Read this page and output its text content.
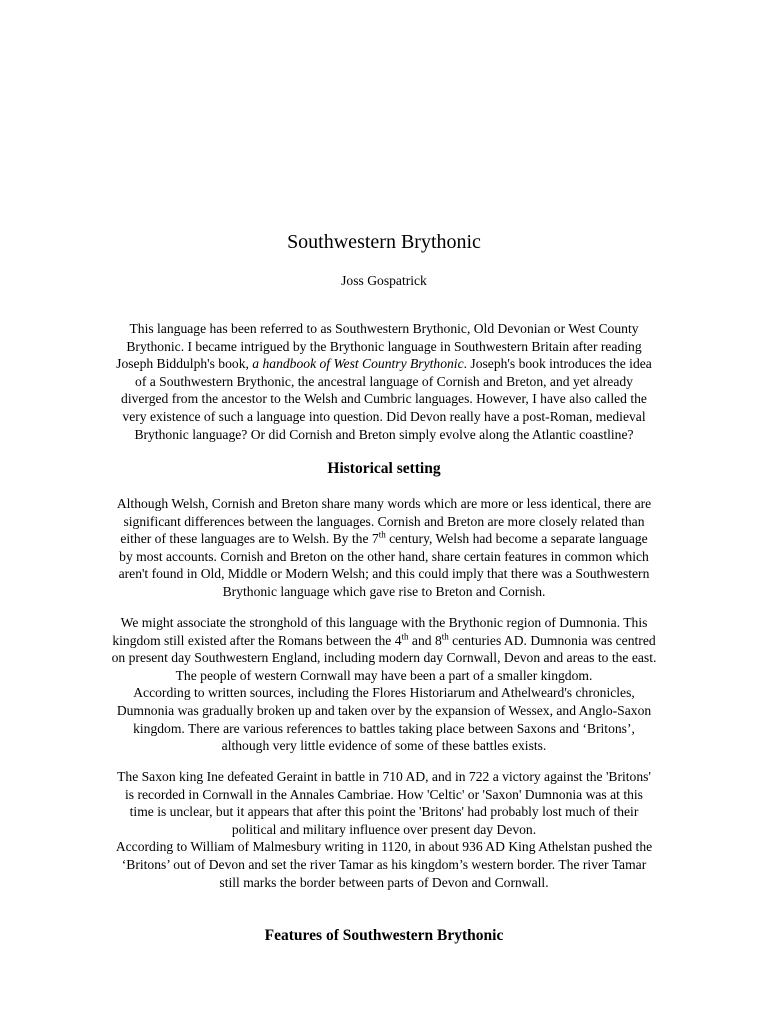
Southwestern Brythonic
Joss Gospatrick

This language has been referred to as Southwestern Brythonic, Old Devonian or West County
Brythonic. I became intrigued by the Brythonic language in Southwestern Britain after reading
Joseph Biddulph's book, a handbook of West Country Brythonic. Joseph's book introduces the idea
of a Southwestern Brythonic, the ancestral language of Cornish and Breton, and yet already
diverged from the ancestor to the Welsh and Cumbric languages. However, I have also called the
very existence of such a language into question. Did Devon really have a post-Roman, medieval
Brythonic language? Or did Cornish and Breton simply evolve along the Atlantic coastline?

Historical setting

Although Welsh, Cornish and Breton share many words which are more or less identical, there are
significant differences between the languages. Cornish and Breton are more closely related than
either of these languages are to Welsh. By the 7th century, Welsh had become a separate language
by most accounts. Cornish and Breton on the other hand, share certain features in common which
aren't found in Old, Middle or Modern Welsh; and this could imply that there was a Southwestern
Brythonic language which gave rise to Breton and Cornish.

We might associate the stronghold of this language with the Brythonic region of Dumnonia. This
kingdom still existed after the Romans between the 4th and 8th centuries AD. Dumnonia was centred
on present day Southwestern England, including modern day Cornwall, Devon and areas to the east.
The people of western Cornwall may have been a part of a smaller kingdom.
According to written sources, including the Flores Historiarum and Athelweard's chronicles,
Dumnonia was gradually broken up and taken over by the expansion of Wessex, and Anglo-Saxon
kingdom. There are various references to battles taking place between Saxons and ‘Britons’,
although very little evidence of some of these battles exists.

The Saxon king Ine defeated Geraint in battle in 710 AD, and in 722 a victory against the 'Britons'
is recorded in Cornwall in the Annales Cambriae. How 'Celtic' or 'Saxon' Dumnonia was at this
time is unclear, but it appears that after this point the 'Britons' had probably lost much of their
political and military influence over present day Devon.
According to William of Malmesbury writing in 1120, in about 936 AD King Athelstan pushed the
‘Britons’ out of Devon and set the river Tamar as his kingdom’s western border. The river Tamar
still marks the border between parts of Devon and Cornwall.

Features of Southwestern Brythonic
